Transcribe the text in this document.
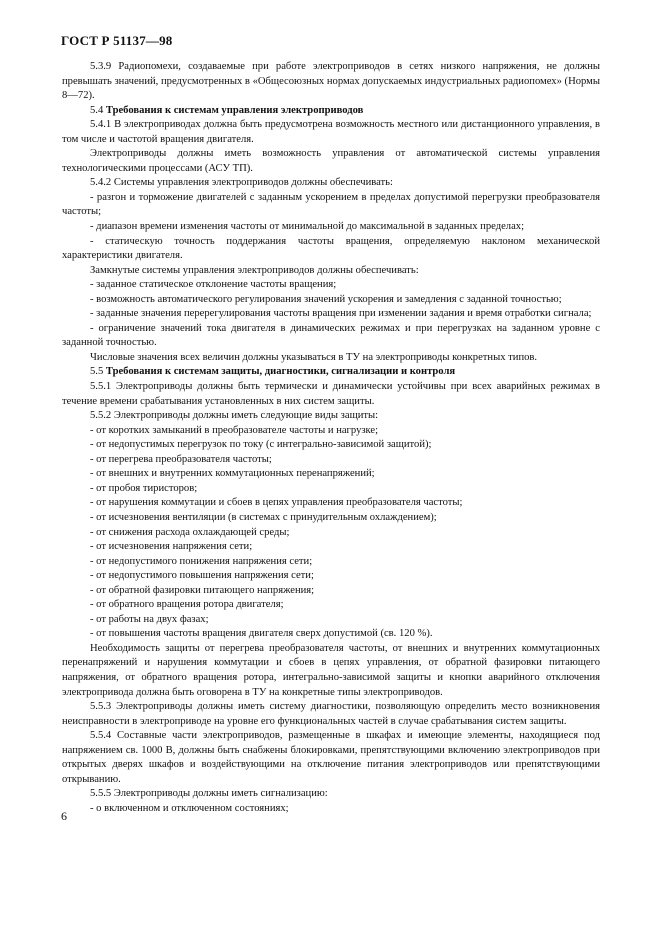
ГОСТ Р 51137—98

5.3.9 Радиопомехи, создаваемые при работе электроприводов в сетях низкого напряжения, не должны превышать значений, предусмотренных в «Общесоюзных нормах допускаемых индустриальных радиопомех» (Нормы 8—72).

5.4 Требования к системам управления электроприводов

5.4.1 В электроприводах должна быть предусмотрена возможность местного или дистанционного управления, в том числе и частотой вращения двигателя.

Электроприводы должны иметь возможность управления от автоматической системы управления технологическими процессами (АСУ ТП).

5.4.2 Системы управления электроприводов должны обеспечивать:

- разгон и торможение двигателей с заданным ускорением в пределах допустимой перегрузки преобразователя частоты;

- диапазон времени изменения частоты от минимальной до максимальной в заданных пределах;

- статическую точность поддержания частоты вращения, определяемую наклоном механической характеристики двигателя.

Замкнутые системы управления электроприводов должны обеспечивать:

- заданное статическое отклонение частоты вращения;

- возможность автоматического регулирования значений ускорения и замедления с заданной точностью;

- заданные значения перерегулирования частоты вращения при изменении задания и время отработки сигнала;

- ограничение значений тока двигателя в динамических режимах и при перегрузках на заданном уровне с заданной точностью.

Числовые значения всех величин должны указываться в ТУ на электроприводы конкретных типов.

5.5 Требования к системам защиты, диагностики, сигнализации и контроля

5.5.1 Электроприводы должны быть термически и динамически устойчивы при всех аварийных режимах в течение времени срабатывания установленных в них систем защиты.

5.5.2 Электроприводы должны иметь следующие виды защиты:

- от коротких замыканий в преобразователе частоты и нагрузке;

- от недопустимых перегрузок по току (с интегрально-зависимой защитой);

- от перегрева преобразователя частоты;

- от внешних и внутренних коммутационных перенапряжений;

- от пробоя тиристоров;

- от нарушения коммутации и сбоев в цепях управления преобразователя частоты;

- от исчезновения вентиляции (в системах с принудительным охлаждением);

- от снижения расхода охлаждающей среды;

- от исчезновения напряжения сети;

- от недопустимого понижения напряжения сети;

- от недопустимого повышения напряжения сети;

- от обратной фазировки питающего напряжения;

- от обратного вращения ротора двигателя;

- от работы на двух фазах;

- от повышения частоты вращения двигателя сверх допустимой (св. 120 %).

Необходимость защиты от перегрева преобразователя частоты, от внешних и внутренних коммутационных перенапряжений и нарушения коммутации и сбоев в цепях управления, от обратной фазировки питающего напряжения, от обратного вращения ротора, интегрально-зависимой защиты и кнопки аварийного отключения электропривода должна быть оговорена в ТУ на конкретные типы электроприводов.

5.5.3 Электроприводы должны иметь систему диагностики, позволяющую определить место возникновения неисправности в электроприводе на уровне его функциональных частей в случае срабатывания систем защиты.

5.5.4 Составные части электроприводов, размещенные в шкафах и имеющие элементы, находящиеся под напряжением св. 1000 В, должны быть снабжены блокировками, препятствующими включению электроприводов при открытых дверях шкафов и воздействующими на отключение питания электроприводов или препятствующими открыванию.

5.5.5 Электроприводы должны иметь сигнализацию:

- о включенном и отключенном состояниях;

6
